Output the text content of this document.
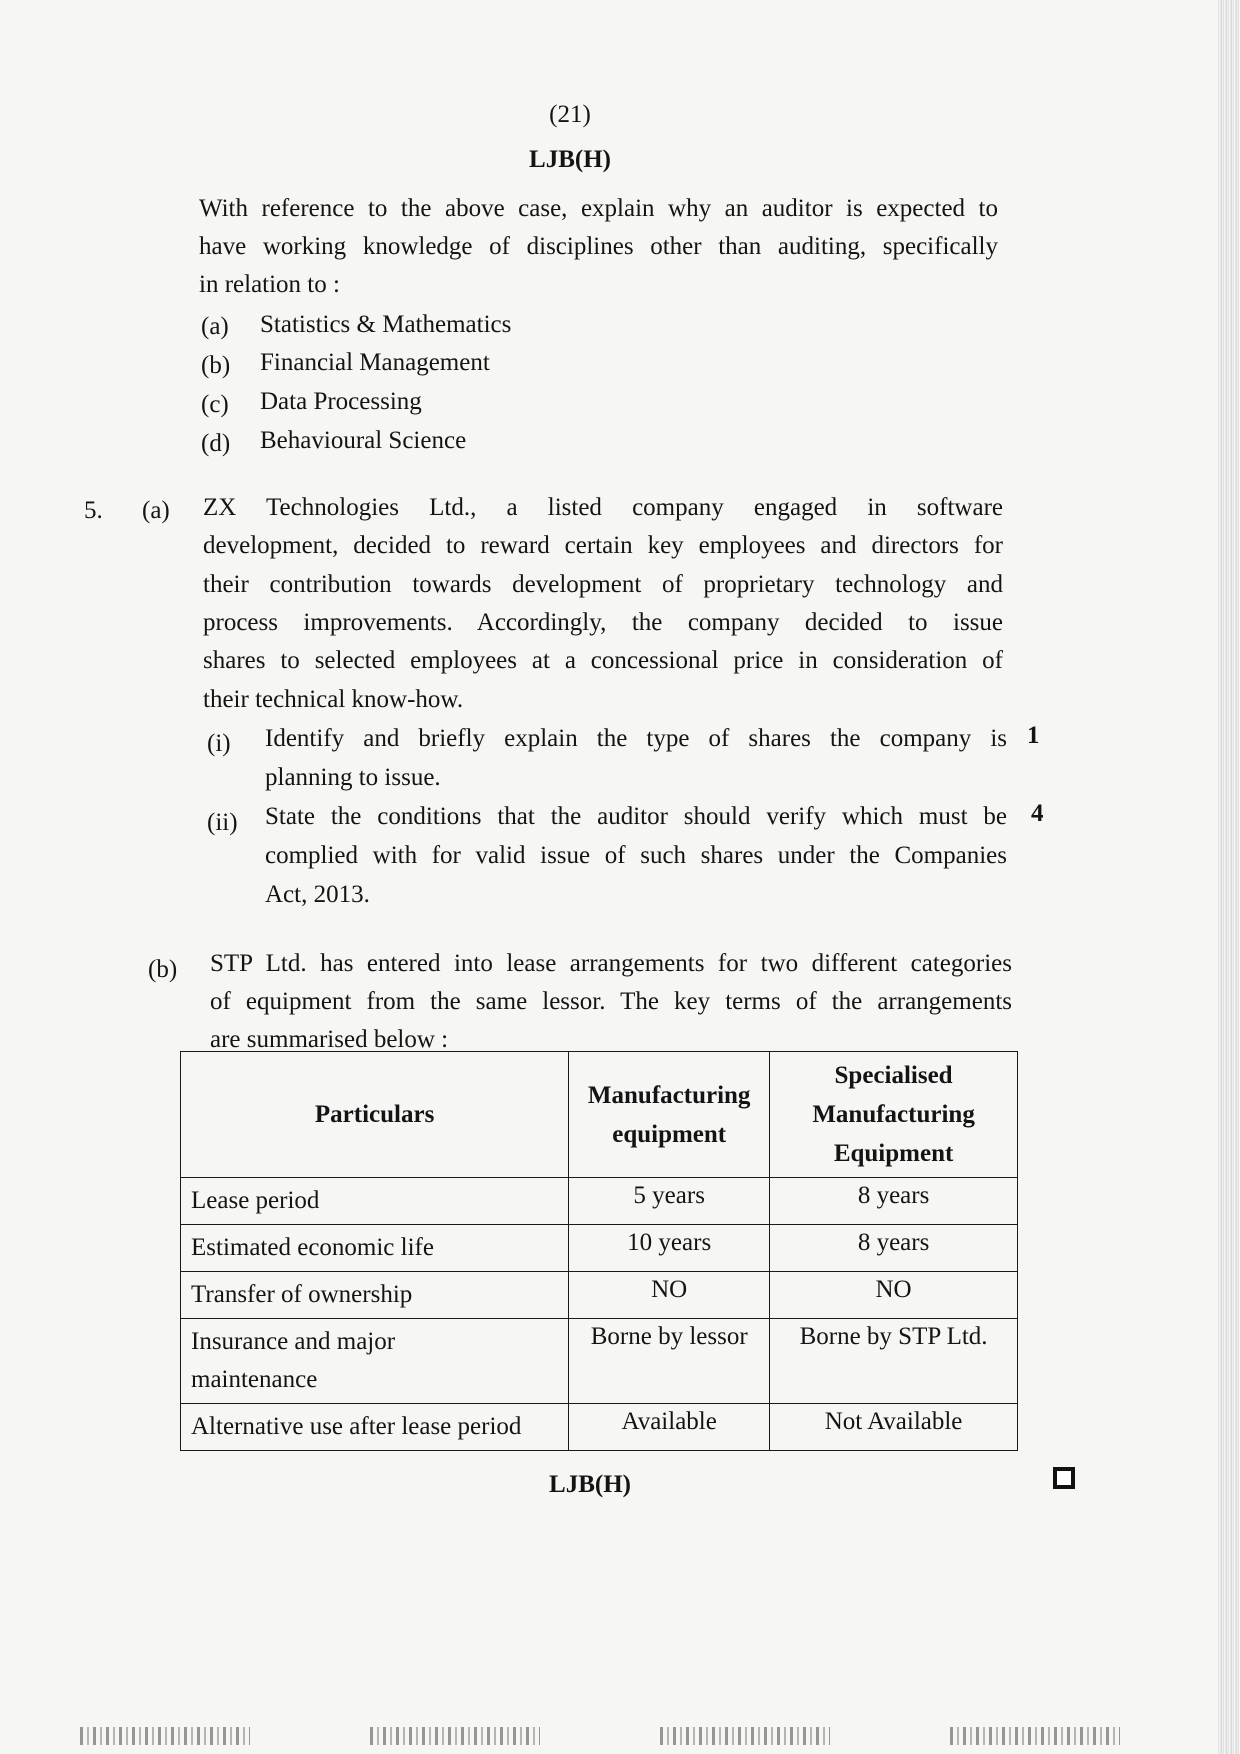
(21)
LJB(H)
With reference to the above case, explain why an auditor is expected to
have working knowledge of disciplines other than auditing, specifically
in relation to :
(a) Statistics & Mathematics
(b) Financial Management
(c) Data Processing
(d) Behavioural Science
5. (a) ZX Technologies Ltd., a listed company engaged in software
development, decided to reward certain key employees and directors for
their contribution towards development of proprietary technology and
process improvements. Accordingly, the company decided to issue
shares to selected employees at a concessional price in consideration of
their technical know-how.
(i) Identify and briefly explain the type of shares the company is
planning to issue.
1
(ii) State the conditions that the auditor should verify which must be
complied with for valid issue of such shares under the Companies
Act, 2013.
4
(b) STP Ltd. has entered into lease arrangements for two different categories
of equipment from the same lessor. The key terms of the arrangements
are summarised below :
Particulars	Manufacturing equipment	Specialised Manufacturing Equipment
Lease period	5 years	8 years
Estimated economic life	10 years	8 years
Transfer of ownership	NO	NO
Insurance and major maintenance	Borne by lessor	Borne by STP Ltd.
Alternative use after lease period	Available	Not Available
LJB(H)
